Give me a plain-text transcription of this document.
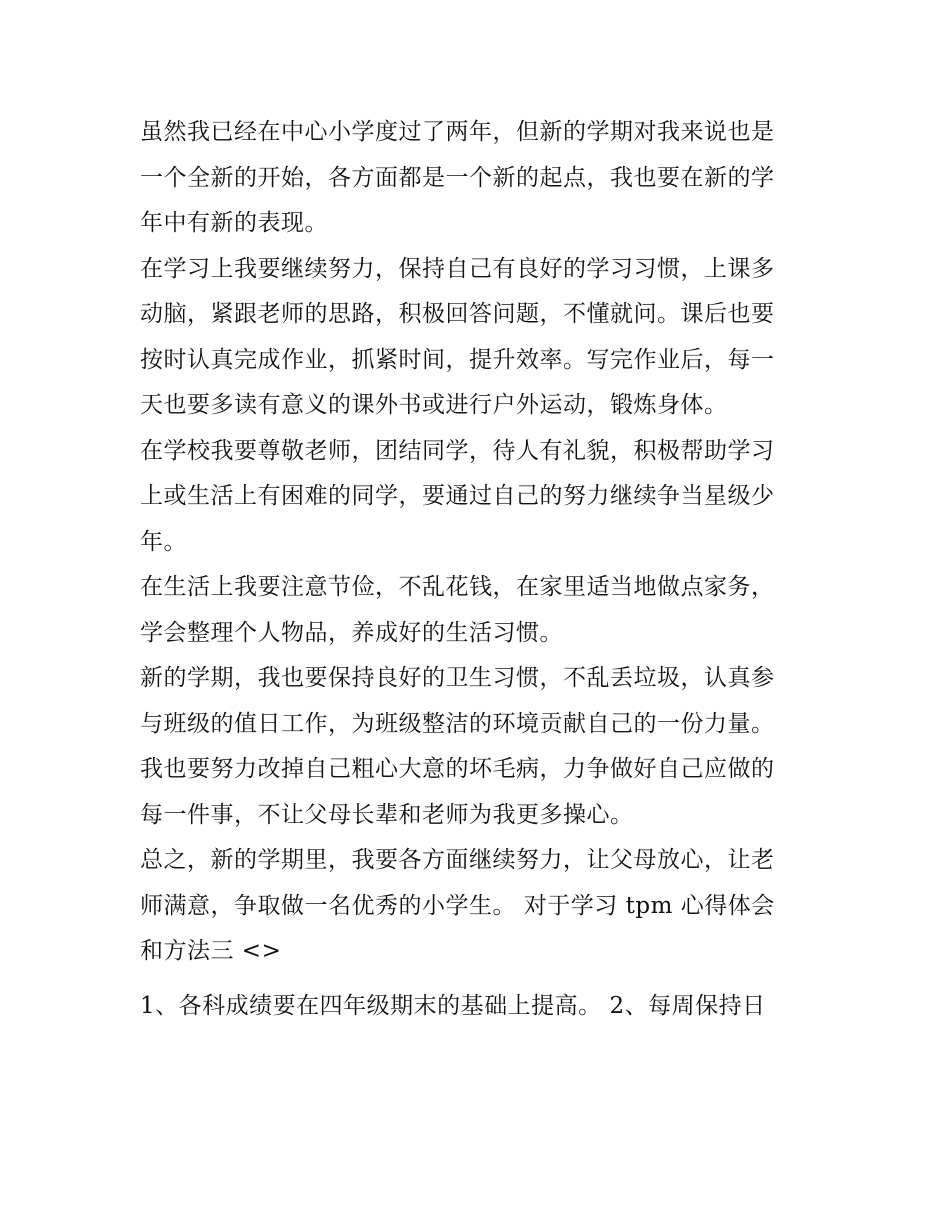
虽然我已经在中心小学度过了两年，但新的学期对我来说也是

一个全新的开始，各方面都是一个新的起点，我也要在新的学

年中有新的表现。

在学习上我要继续努力，保持自己有良好的学习习惯，上课多

动脑，紧跟老师的思路，积极回答问题，不懂就问。课后也要

按时认真完成作业，抓紧时间，提升效率。写完作业后，每一

天也要多读有意义的课外书或进行户外运动，锻炼身体。

在学校我要尊敬老师，团结同学，待人有礼貌，积极帮助学习

上或生活上有困难的同学，要通过自己的努力继续争当星级少

年。

在生活上我要注意节俭，不乱花钱，在家里适当地做点家务，

学会整理个人物品，养成好的生活习惯。

新的学期，我也要保持良好的卫生习惯，不乱丢垃圾，认真参

与班级的值日工作，为班级整洁的环境贡献自己的一份力量。

我也要努力改掉自己粗心大意的坏毛病，力争做好自己应做的

每一件事，不让父母长辈和老师为我更多操心。

总之，新的学期里，我要各方面继续努力，让父母放心，让老

师满意，争取做一名优秀的小学生。 对于学习 tpm 心得体会

和方法三 <>

1、各科成绩要在四年级期末的基础上提高。 2、每周保持日
